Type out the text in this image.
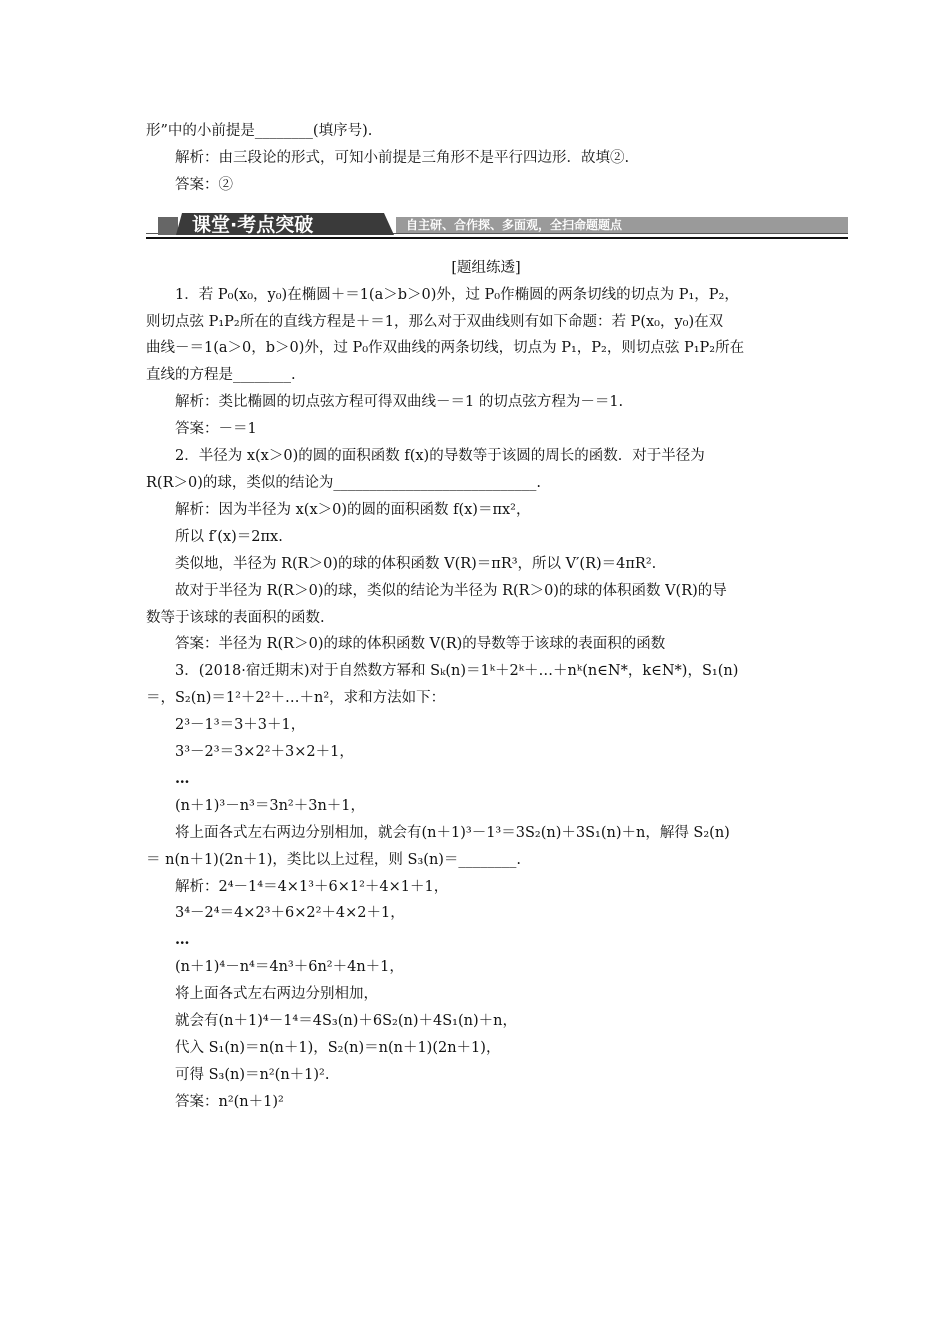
形”中的小前提是________(填序号).
解析：由三段论的形式，可知小前提是三角形不是平行四边形．故填②.
答案：②
课堂·考点突破	自主研、合作探、多面观，全扫命题题点
[题组练透]
1．若 P₀(x₀，y₀)在椭圆＋＝1(a＞b＞0)外，过 P₀作椭圆的两条切线的切点为 P₁，P₂，
则切点弦 P₁P₂所在的直线方程是＋＝1，那么对于双曲线则有如下命题：若 P(x₀，y₀)在双
曲线－＝1(a＞0，b＞0)外，过 P₀作双曲线的两条切线，切点为 P₁，P₂，则切点弦 P₁P₂所在
直线的方程是________.
解析：类比椭圆的切点弦方程可得双曲线－＝1 的切点弦方程为－＝1.
答案：－＝1
2．半径为 x(x＞0)的圆的面积函数 f(x)的导数等于该圆的周长的函数．对于半径为
R(R＞0)的球，类似的结论为____________________________.
解析：因为半径为 x(x＞0)的圆的面积函数 f(x)＝πx²，
所以 f′(x)＝2πx.
类似地，半径为 R(R＞0)的球的体积函数 V(R)＝πR³，所以 V′(R)＝4πR².
故对于半径为 R(R＞0)的球，类似的结论为半径为 R(R＞0)的球的体积函数 V(R)的导
数等于该球的表面积的函数.
答案：半径为 R(R＞0)的球的体积函数 V(R)的导数等于该球的表面积的函数
3．(2018·宿迁期末)对于自然数方幂和 Sₖ(n)＝1ᵏ＋2ᵏ＋…＋nᵏ(n∈N*，k∈N*)，S₁(n)
＝，S₂(n)＝1²＋2²＋…＋n²，求和方法如下：
2³－1³＝3＋3＋1，
3³－2³＝3×2²＋3×2＋1，
…
(n＋1)³－n³＝3n²＋3n＋1，
将上面各式左右两边分别相加，就会有(n＋1)³－1³＝3S₂(n)＋3S₁(n)＋n，解得 S₂(n)
＝ n(n＋1)(2n＋1)，类比以上过程，则 S₃(n)＝________.
解析：2⁴－1⁴＝4×1³＋6×1²＋4×1＋1，
3⁴－2⁴＝4×2³＋6×2²＋4×2＋1，
…
(n＋1)⁴－n⁴＝4n³＋6n²＋4n＋1，
将上面各式左右两边分别相加，
就会有(n＋1)⁴－1⁴＝4S₃(n)＋6S₂(n)＋4S₁(n)＋n，
代入 S₁(n)＝n(n＋1)，S₂(n)＝n(n＋1)(2n＋1)，
可得 S₃(n)＝n²(n＋1)².
答案：n²(n＋1)²
